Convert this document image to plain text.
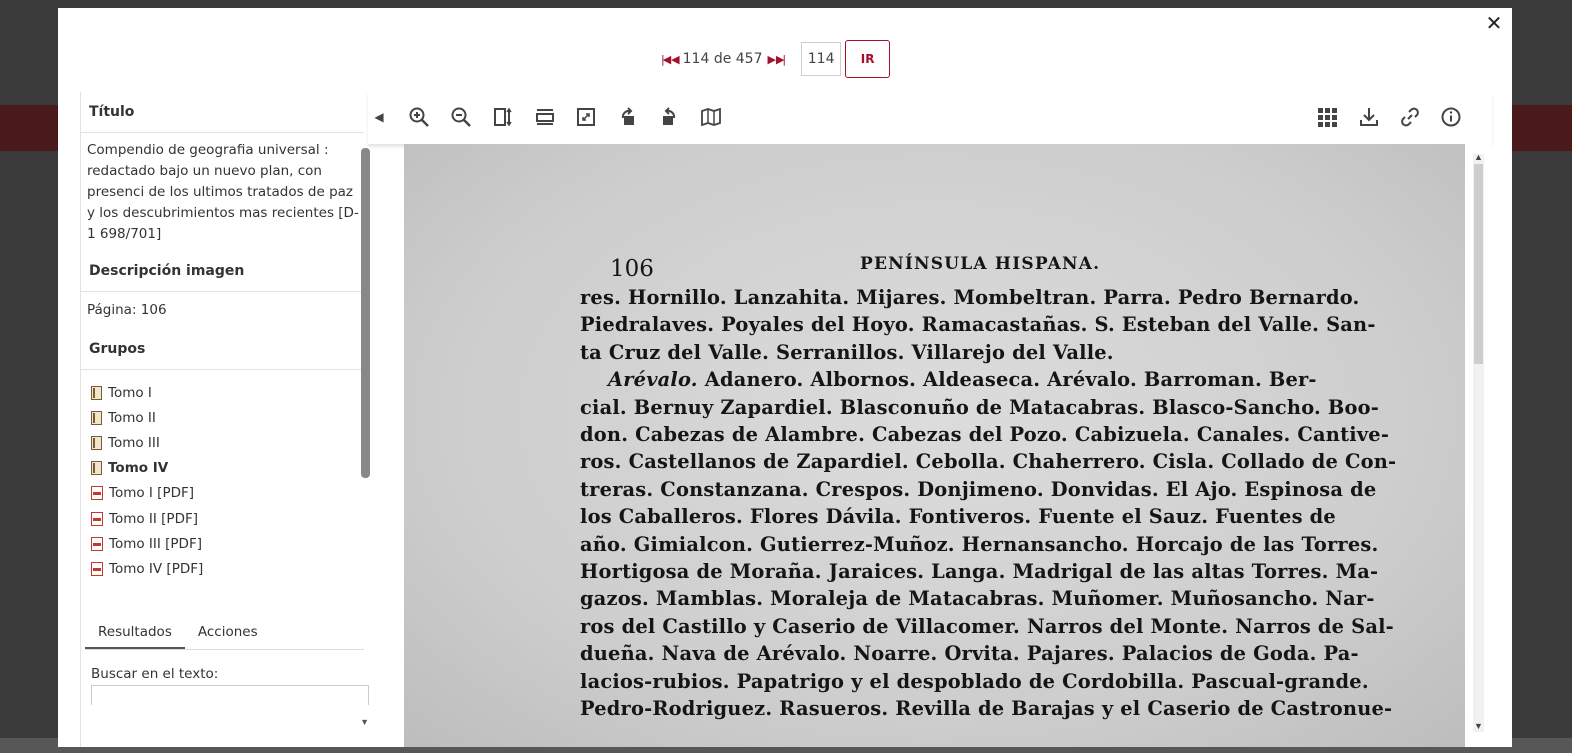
✕
|◀ ◀ 114 de 457 ▶ ▶|
114	IR
Título
Compendio de geografia universal : redactado bajo un nuevo plan, con presenci de los ultimos tratados de paz y los descubrimientos mas recientes [D-1 698/701]
Descripción imagen
Página: 106
Grupos
Tomo I
Tomo II
Tomo III
Tomo IV
Tomo I [PDF]
Tomo II [PDF]
Tomo III [PDF]
Tomo IV [PDF]
Resultados	Acciones
Buscar en el texto:
▼
◀
106	PENÍNSULA HISPANA.
res. Hornillo. Lanzahita. Mijares. Mombeltran. Parra. Pedro Bernardo.
Piedralaves. Poyales del Hoyo. Ramacastañas. S. Esteban del Valle. San-
ta Cruz del Valle. Serranillos. Villarejo del Valle.
Arévalo. Adanero. Albornos. Aldeaseca. Arévalo. Barroman. Ber-
cial. Bernuy Zapardiel. Blasconuño de Matacabras. Blasco-Sancho. Boo-
don. Cabezas de Alambre. Cabezas del Pozo. Cabizuela. Canales. Cantive-
ros. Castellanos de Zapardiel. Cebolla. Chaherrero. Cisla. Collado de Con-
treras. Constanzana. Crespos. Donjimeno. Donvidas. El Ajo. Espinosa de
los Caballeros. Flores Dávila. Fontiveros. Fuente el Sauz. Fuentes de
año. Gimialcon. Gutierrez-Muñoz. Hernansancho. Horcajo de las Torres.
Hortigosa de Moraña. Jaraices. Langa. Madrigal de las altas Torres. Ma-
gazos. Mamblas. Moraleja de Matacabras. Muñomer. Muñosancho. Nar-
ros del Castillo y Caserio de Villacomer. Narros del Monte. Narros de Sal-
dueña. Nava de Arévalo. Noarre. Orvita. Pajares. Palacios de Goda. Pa-
lacios-rubios. Papatrigo y el despoblado de Cordobilla. Pascual-grande.
Pedro-Rodriguez. Rasueros. Revilla de Barajas y el Caserio de Castronue-
▲
▼
